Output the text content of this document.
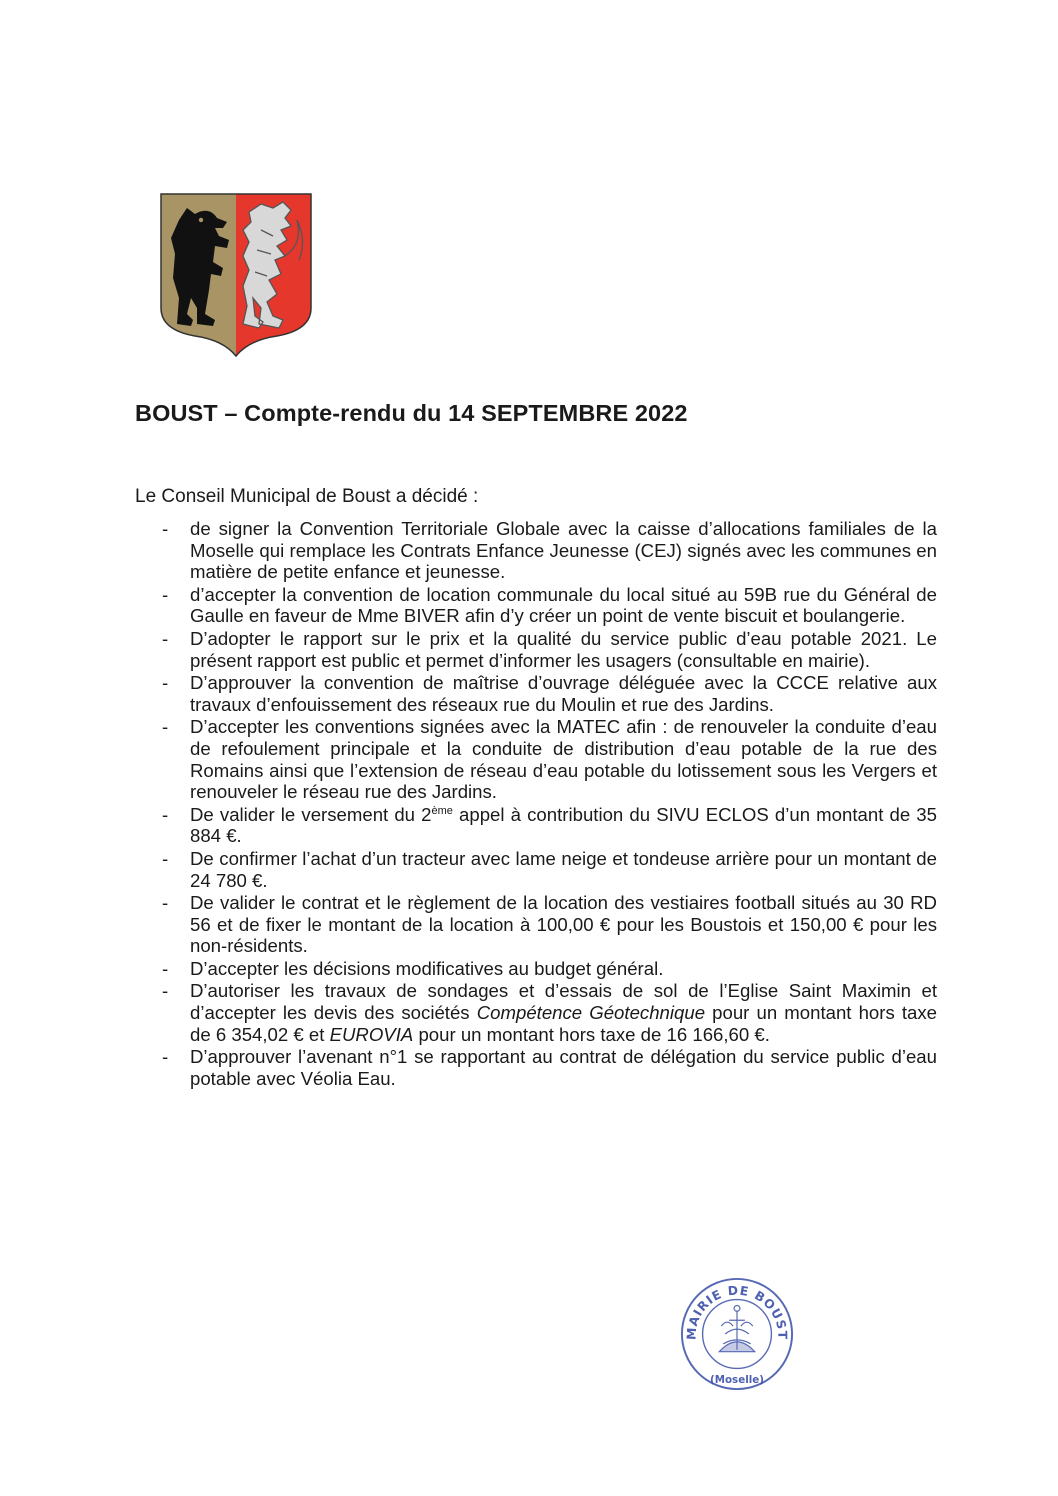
BOUST – Compte-rendu du 14 SEPTEMBRE 2022

Le Conseil Municipal de Boust a décidé :

- de signer la Convention Territoriale Globale avec la caisse d’allocations familiales de la Moselle qui remplace les Contrats Enfance Jeunesse (CEJ) signés avec les communes en matière de petite enfance et jeunesse.
- d’accepter la convention de location communale du local situé au 59B rue du Général de Gaulle en faveur de Mme BIVER afin d’y créer un point de vente biscuit et boulangerie.
- D’adopter le rapport sur le prix et la qualité du service public d’eau potable 2021. Le présent rapport est public et permet d’informer les usagers (consultable en mairie).
- D’approuver la convention de maîtrise d’ouvrage déléguée avec la CCCE relative aux travaux d’enfouissement des réseaux rue du Moulin et rue des Jardins.
- D’accepter les conventions signées avec la MATEC afin : de renouveler la conduite d’eau de refoulement principale et la conduite de distribution d’eau potable de la rue des Romains ainsi que l’extension de réseau d’eau potable du lotissement sous les Vergers et renouveler le réseau rue des Jardins.
- De valider le versement du 2ème appel à contribution du SIVU ECLOS d’un montant de 35 884 €.
- De confirmer l’achat d’un tracteur avec lame neige et tondeuse arrière pour un montant de 24 780 €.
- De valider le contrat et le règlement de la location des vestiaires football situés au 30 RD 56 et de fixer le montant de la location à 100,00 € pour les Boustois et 150,00 € pour les non-résidents.
- D’accepter les décisions modificatives au budget général.
- D’autoriser les travaux de sondages et d’essais de sol de l’Eglise Saint Maximin et d’accepter les devis des sociétés Compétence Géotechnique pour un montant hors taxe de 6 354,02 € et EUROVIA pour un montant hors taxe de 16 166,60 €.
- D’approuver l’avenant n°1 se rapportant au contrat de délégation du service public d’eau potable avec Véolia Eau.
MAIRIE DE BOUST
(Moselle)
